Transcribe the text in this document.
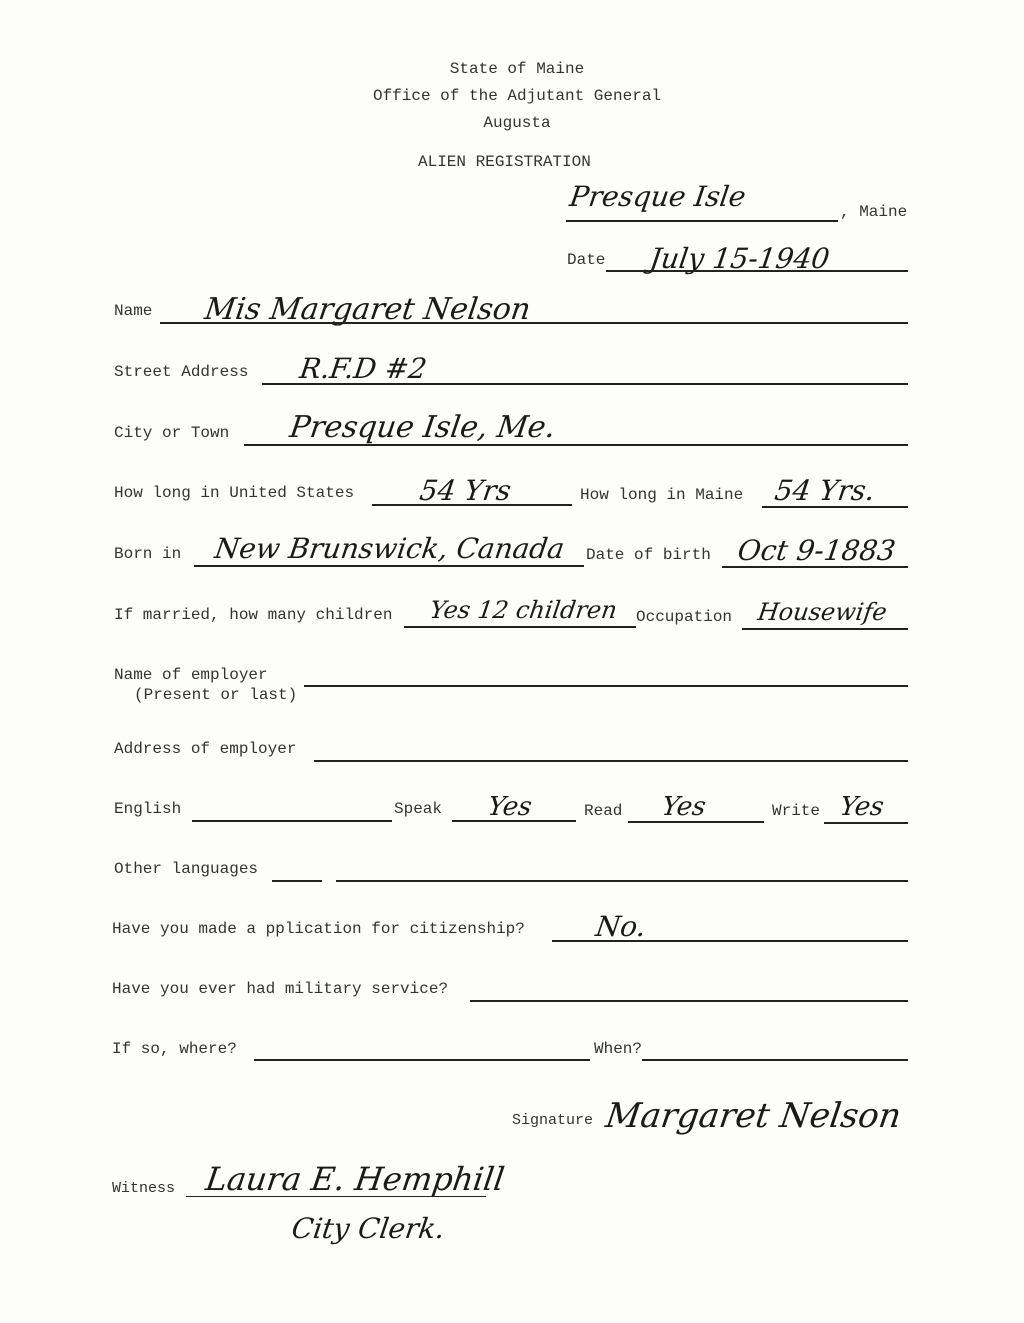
State of Maine
Office of the Adjutant General
Augusta
ALIEN REGISTRATION
Presque Isle	, Maine
Date July 15-1940
Name Mis Margaret Nelson
Street Address R.F.D #2
City or Town Presque Isle, Me.
How long in United States 54 Yrs	How long in Maine 54 Yrs.
Born in New Brunswick, Canada Date of birth Oct 9-1883
If married, how many children Yes 12 children Occupation Housewife
Name of employer
(Present or last)
Address of employer
English	Speak Yes	Read Yes	Write Yes
Other languages
Have you made a pplication for citizenship? No.
Have you ever had military service?
If so, where?	When?
Signature Margaret Nelson
Witness Laura E. Hemphill
City Clerk.
